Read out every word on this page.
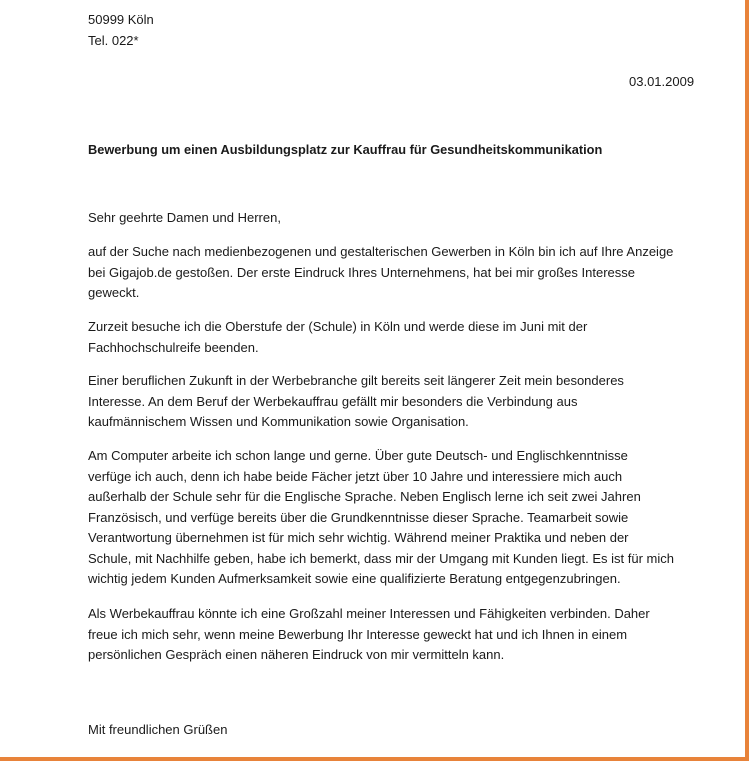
50999 Köln
Tel. 022*
03.01.2009
Bewerbung um einen Ausbildungsplatz zur Kauffrau für Gesundheitskommunikation
Sehr geehrte Damen und Herren,

auf der Suche nach medienbezogenen und gestalterischen Gewerben in Köln bin ich auf Ihre Anzeige
bei Gigajob.de gestoßen. Der erste Eindruck Ihres Unternehmens, hat bei mir großes Interesse
geweckt.

Zurzeit besuche ich die Oberstufe der (Schule) in Köln und werde diese im Juni mit der
Fachhochschulreife beenden.

Einer beruflichen Zukunft in der Werbebranche gilt bereits seit längerer Zeit mein besonderes
Interesse. An dem Beruf der Werbekauffrau gefällt mir besonders die Verbindung aus
kaufmännischem Wissen und Kommunikation sowie Organisation.

Am Computer arbeite ich schon lange und gerne. Über gute Deutsch- und Englischkenntnisse
verfüge ich auch, denn ich habe beide Fächer jetzt über 10 Jahre und interessiere mich auch
außerhalb der Schule sehr für die Englische Sprache. Neben Englisch lerne ich seit zwei Jahren
Französisch, und verfüge bereits über die Grundkenntnisse dieser Sprache. Teamarbeit sowie
Verantwortung übernehmen ist für mich sehr wichtig. Während meiner Praktika und neben der
Schule, mit Nachhilfe geben, habe ich bemerkt, dass mir der Umgang mit Kunden liegt. Es ist für mich
wichtig jedem Kunden Aufmerksamkeit sowie eine qualifizierte Beratung entgegenzubringen.

Als Werbekauffrau könnte ich eine Großzahl meiner Interessen und Fähigkeiten verbinden. Daher
freue ich mich sehr, wenn meine Bewerbung Ihr Interesse geweckt hat und ich Ihnen in einem
persönlichen Gespräch einen näheren Eindruck von mir vermitteln kann.

Mit freundlichen Grüßen
